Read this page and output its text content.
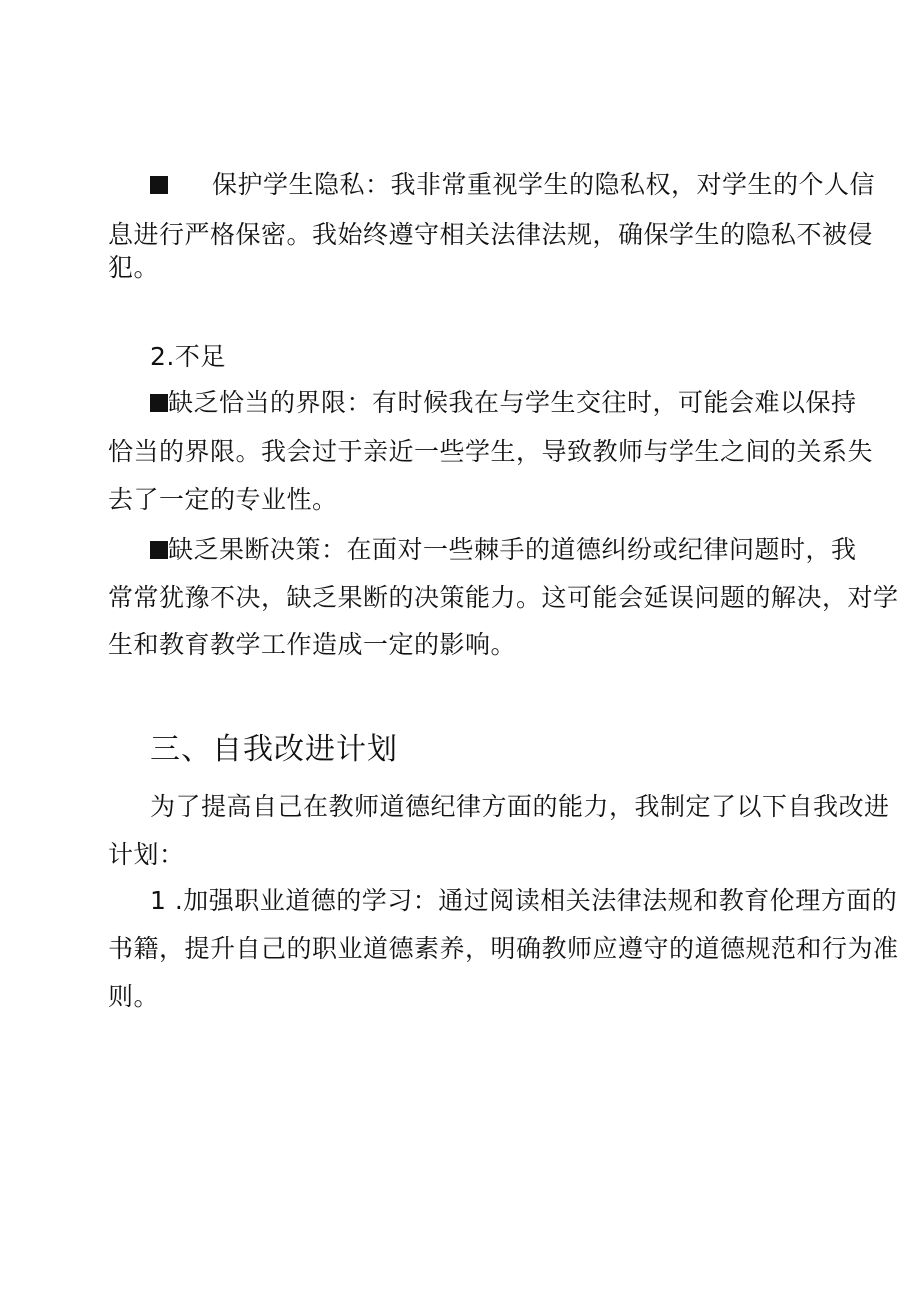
保护学生隐私：我非常重视学生的隐私权，对学生的个人信
息进行严格保密。我始终遵守相关法律法规，确保学生的隐私不被侵
犯。
2.不足
缺乏恰当的界限：有时候我在与学生交往时，可能会难以保持
恰当的界限。我会过于亲近一些学生，导致教师与学生之间的关系失
去了一定的专业性。
缺乏果断决策：在面对一些棘手的道德纠纷或纪律问题时，我
常常犹豫不决，缺乏果断的决策能力。这可能会延误问题的解决，对学
生和教育教学工作造成一定的影响。
三、自我改进计划
为了提高自己在教师道德纪律方面的能力，我制定了以下自我改进
计划：
1 .加强职业道德的学习：通过阅读相关法律法规和教育伦理方面的
书籍，提升自己的职业道德素养，明确教师应遵守的道德规范和行为准
则。
